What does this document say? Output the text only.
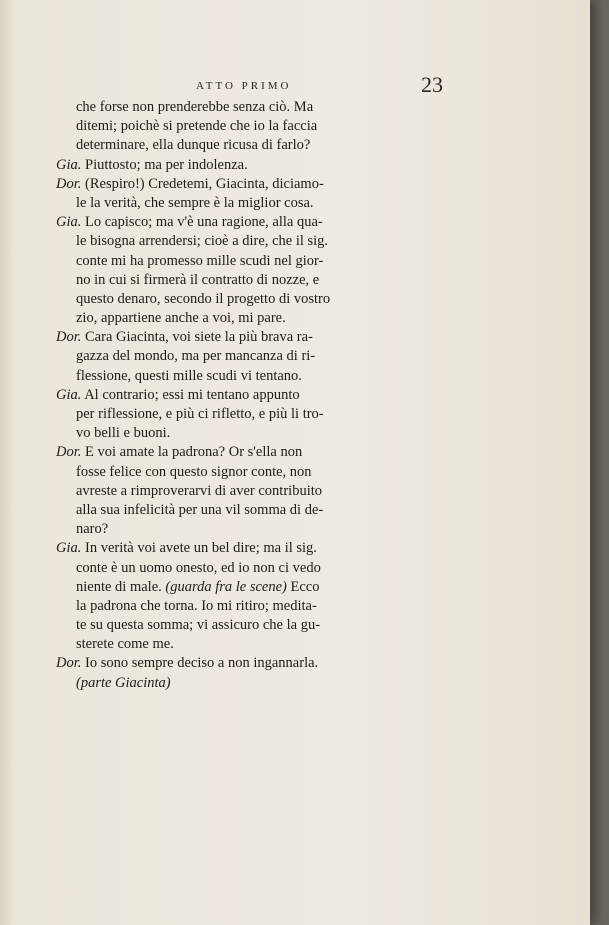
ATTO PRIMO	23
che forse non prenderebbe senza ciò. Ma
ditemi; poichè si pretende che io la faccia
determinare, ella dunque ricusa di farlo?
Gia. Piuttosto; ma per indolenza.
Dor. (Respiro!) Credetemi, Giacinta, diciamo-
le la verità, che sempre è la miglior cosa.
Gia. Lo capisco; ma v'è una ragione, alla qua-
le bisogna arrendersi; cioè a dire, che il sig.
conte mi ha promesso mille scudi nel gior-
no in cui si firmerà il contratto di nozze, e
questo denaro, secondo il progetto di vostro
zio, appartiene anche a voi, mi pare.
Dor. Cara Giacinta, voi siete la più brava ra-
gazza del mondo, ma per mancanza di ri-
flessione, questi mille scudi vi tentano.
Gia. Al contrario; essi mi tentano appunto
per riflessione, e più ci rifletto, e più li tro-
vo belli e buoni.
Dor. E voi amate la padrona? Or s'ella non
fosse felice con questo signor conte, non
avreste a rimproverarvi di aver contribuito
alla sua infelicità per una vil somma di de-
naro?
Gia. In verità voi avete un bel dire; ma il sig.
conte è un uomo onesto, ed io non ci vedo
niente di male. (guarda fra le scene) Ecco
la padrona che torna. Io mi ritiro; medita-
te su questa somma; vi assicuro che la gu-
sterete come me.
Dor. Io sono sempre deciso a non ingannarla.
(parte Giacinta)
